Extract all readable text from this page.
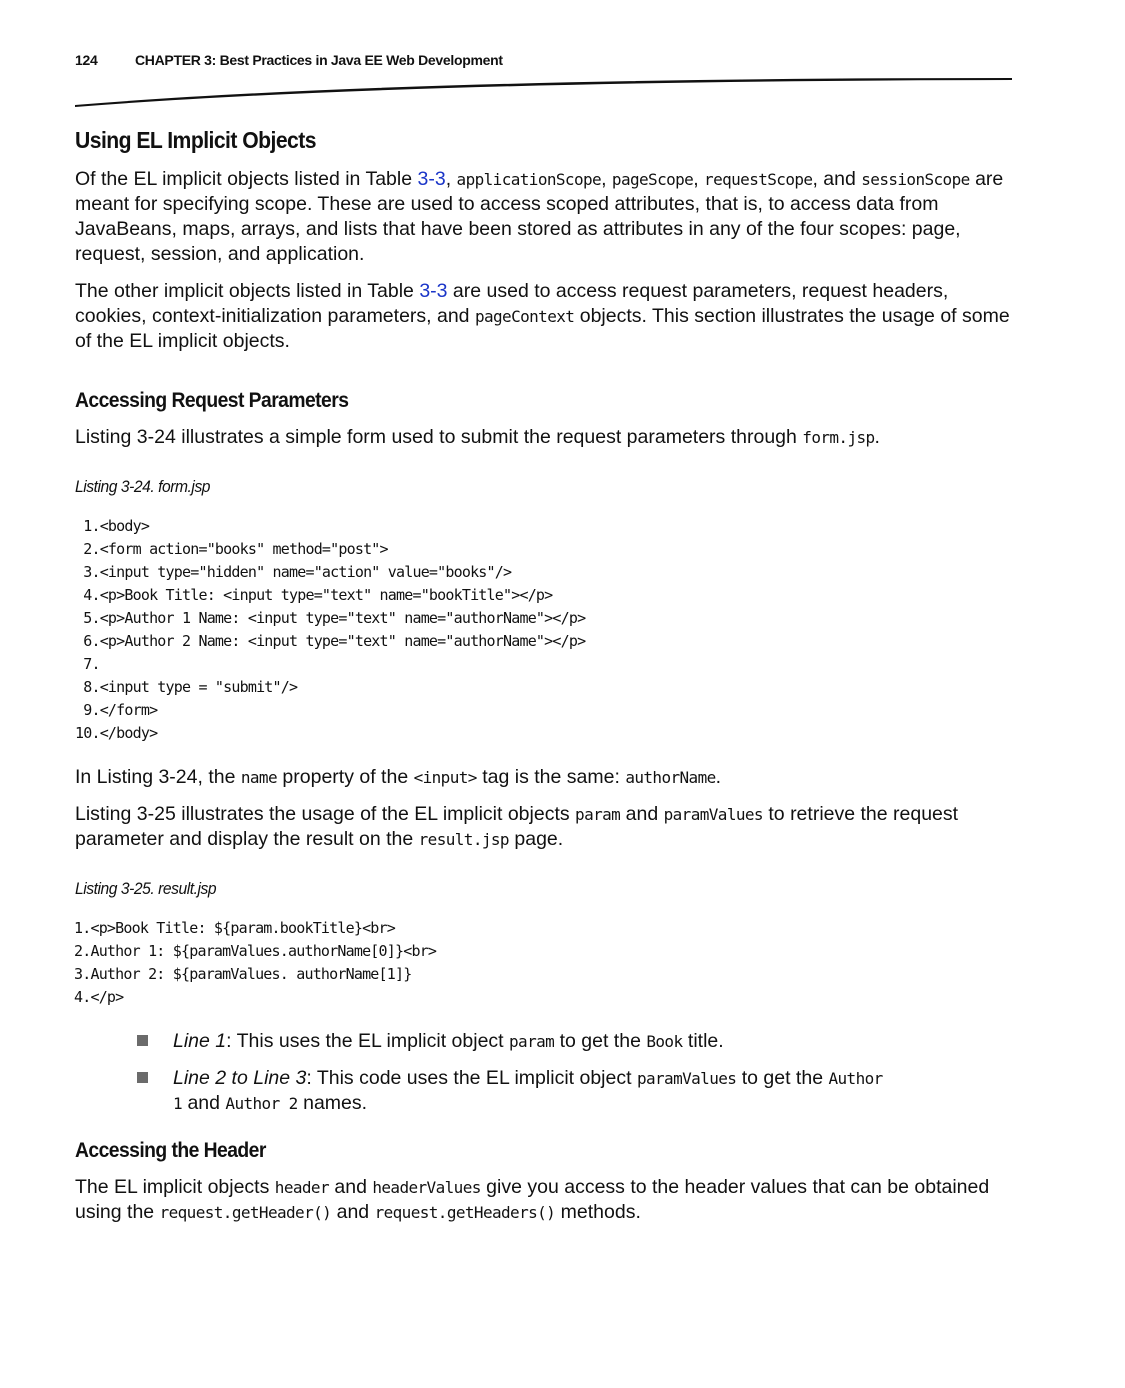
124	CHAPTER 3: Best Practices in Java EE Web Development
Using EL Implicit Objects

Of the EL implicit objects listed in Table 3-3, applicationScope, pageScope, requestScope, and sessionScope are meant for specifying scope. These are used to access scoped attributes, that is, to access data from JavaBeans, maps, arrays, and lists that have been stored as attributes in any of the four scopes: page, request, session, and application.

The other implicit objects listed in Table 3-3 are used to access request parameters, request headers, cookies, context-initialization parameters, and pageContext objects. This section illustrates the usage of some of the EL implicit objects.

Accessing Request Parameters

Listing 3-24 illustrates a simple form used to submit the request parameters through form.jsp.

Listing 3-24. form.jsp
1.<body>
2.<form action="books" method="post">
3.<input type="hidden" name="action" value="books"/>
4.<p>Book Title: <input type="text" name="bookTitle"></p>
5.<p>Author 1 Name: <input type="text" name="authorName"></p>
6.<p>Author 2 Name: <input type="text" name="authorName"></p>
7.
8.<input type = "submit"/>
9.</form>
10.</body>

In Listing 3-24, the name property of the <input> tag is the same: authorName.

Listing 3-25 illustrates the usage of the EL implicit objects param and paramValues to retrieve the request parameter and display the result on the result.jsp page.

Listing 3-25. result.jsp
1.<p>Book Title: ${param.bookTitle}<br>
2.Author 1: ${paramValues.authorName[0]}<br>
3.Author 2: ${paramValues. authorName[1]}
4.</p>
Line 1: This uses the EL implicit object param to get the Book title.
Line 2 to Line 3: This code uses the EL implicit object paramValues to get the Author 1 and Author 2 names.
Accessing the Header

The EL implicit objects header and headerValues give you access to the header values that can be obtained using the request.getHeader() and request.getHeaders() methods.
